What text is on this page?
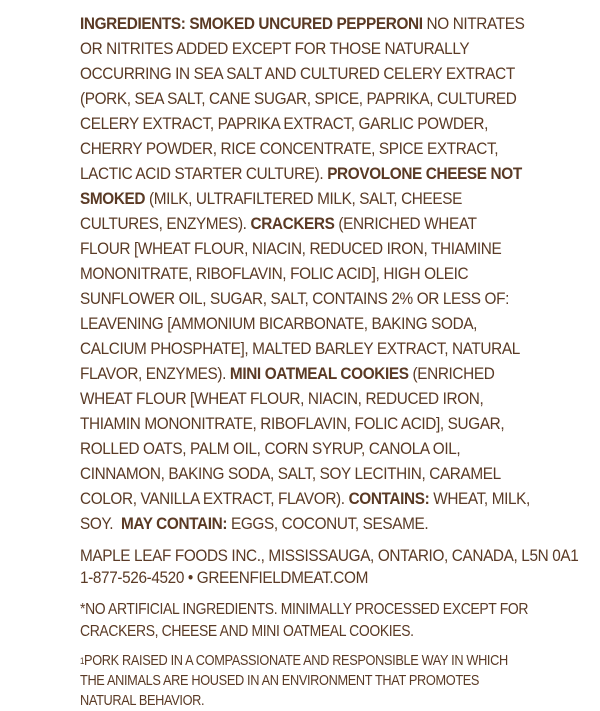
INGREDIENTS: SMOKED UNCURED PEPPERONI NO NITRATES OR NITRITES ADDED EXCEPT FOR THOSE NATURALLY OCCURRING IN SEA SALT AND CULTURED CELERY EXTRACT (PORK, SEA SALT, CANE SUGAR, SPICE, PAPRIKA, CULTURED CELERY EXTRACT, PAPRIKA EXTRACT, GARLIC POWDER, CHERRY POWDER, RICE CONCENTRATE, SPICE EXTRACT, LACTIC ACID STARTER CULTURE). PROVOLONE CHEESE NOT SMOKED (MILK, ULTRAFILTERED MILK, SALT, CHEESE CULTURES, ENZYMES). CRACKERS (ENRICHED WHEAT FLOUR [WHEAT FLOUR, NIACIN, REDUCED IRON, THIAMINE MONONITRATE, RIBOFLAVIN, FOLIC ACID], HIGH OLEIC SUNFLOWER OIL, SUGAR, SALT, CONTAINS 2% OR LESS OF: LEAVENING [AMMONIUM BICARBONATE, BAKING SODA, CALCIUM PHOSPHATE], MALTED BARLEY EXTRACT, NATURAL FLAVOR, ENZYMES). MINI OATMEAL COOKIES (ENRICHED WHEAT FLOUR [WHEAT FLOUR, NIACIN, REDUCED IRON, THIAMIN MONONITRATE, RIBOFLAVIN, FOLIC ACID], SUGAR, ROLLED OATS, PALM OIL, CORN SYRUP, CANOLA OIL, CINNAMON, BAKING SODA, SALT, SOY LECITHIN, CARAMEL COLOR, VANILLA EXTRACT, FLAVOR). CONTAINS: WHEAT, MILK, SOY. MAY CONTAIN: EGGS, COCONUT, SESAME.

MAPLE LEAF FOODS INC., MISSISSAUGA, ONTARIO, CANADA, L5N 0A1
1-877-526-4520 • GREENFIELDMEAT.COM
*NO ARTIFICIAL INGREDIENTS. MINIMALLY PROCESSED EXCEPT FOR CRACKERS, CHEESE AND MINI OATMEAL COOKIES.
$^1$PORK RAISED IN A COMPASSIONATE AND RESPONSIBLE WAY IN WHICH THE ANIMALS ARE HOUSED IN AN ENVIRONMENT THAT PROMOTES NATURAL BEHAVIOR.
